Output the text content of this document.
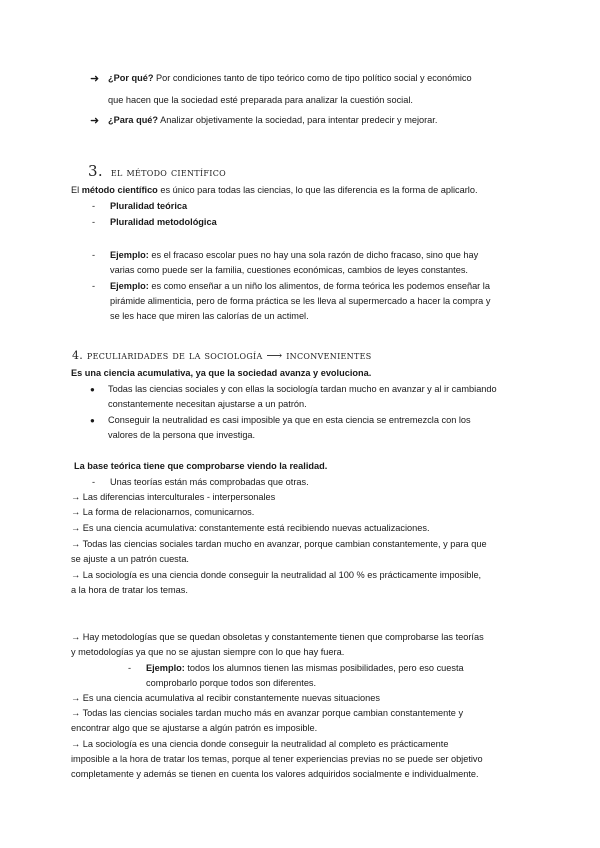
➜ ¿Por qué? Por condiciones tanto de tipo teórico como de tipo político social y económico
que hacen que la sociedad esté preparada para analizar la cuestión social.
➜ ¿Para qué? Analizar objetivamente la sociedad, para intentar predecir y mejorar.
3. el método científico
El método científico es único para todas las ciencias, lo que las diferencia es la forma de aplicarlo.
- Pluralidad teórica
- Pluralidad metodológica
- Ejemplo: es el fracaso escolar pues no hay una sola razón de dicho fracaso, sino que hay
varias como puede ser la familia, cuestiones económicas, cambios de leyes constantes.
- Ejemplo: es como enseñar a un niño los alimentos, de forma teórica les podemos enseñar la
pirámide alimenticia, pero de forma práctica se les lleva al supermercado a hacer la compra y
se les hace que miren las calorías de un actimel.
4. peculiaridades de la sociología ⟶ inconvenientes
Es una ciencia acumulativa, ya que la sociedad avanza y evoluciona.
● Todas las ciencias sociales y con ellas la sociología tardan mucho en avanzar y al ir cambiando
constantemente necesitan ajustarse a un patrón.
● Conseguir la neutralidad es casi imposible ya que en esta ciencia se entremezcla con los
valores de la persona que investiga.
La base teórica tiene que comprobarse viendo la realidad.
- Unas teorías están más comprobadas que otras.
→ Las diferencias interculturales - interpersonales
→ La forma de relacionarnos, comunicarnos.
→ Es una ciencia acumulativa: constantemente está recibiendo nuevas actualizaciones.
→ Todas las ciencias sociales tardan mucho en avanzar, porque cambian constantemente, y para que
se ajuste a un patrón cuesta.
→ La sociología es una ciencia donde conseguir la neutralidad al 100 % es prácticamente imposible,
a la hora de tratar los temas.
→ Hay metodologías que se quedan obsoletas y constantemente tienen que comprobarse las teorías
y metodologías ya que no se ajustan siempre con lo que hay fuera.
- Ejemplo: todos los alumnos tienen las mismas posibilidades, pero eso cuesta
comprobarlo porque todos son diferentes.
→ Es una ciencia acumulativa al recibir constantemente nuevas situaciones
→ Todas las ciencias sociales tardan mucho más en avanzar porque cambian constantemente y
encontrar algo que se ajustarse a algún patrón es imposible.
→ La sociología es una ciencia donde conseguir la neutralidad al completo es prácticamente
imposible a la hora de tratar los temas, porque al tener experiencias previas no se puede ser objetivo
completamente y además se tienen en cuenta los valores adquiridos socialmente e individualmente.
